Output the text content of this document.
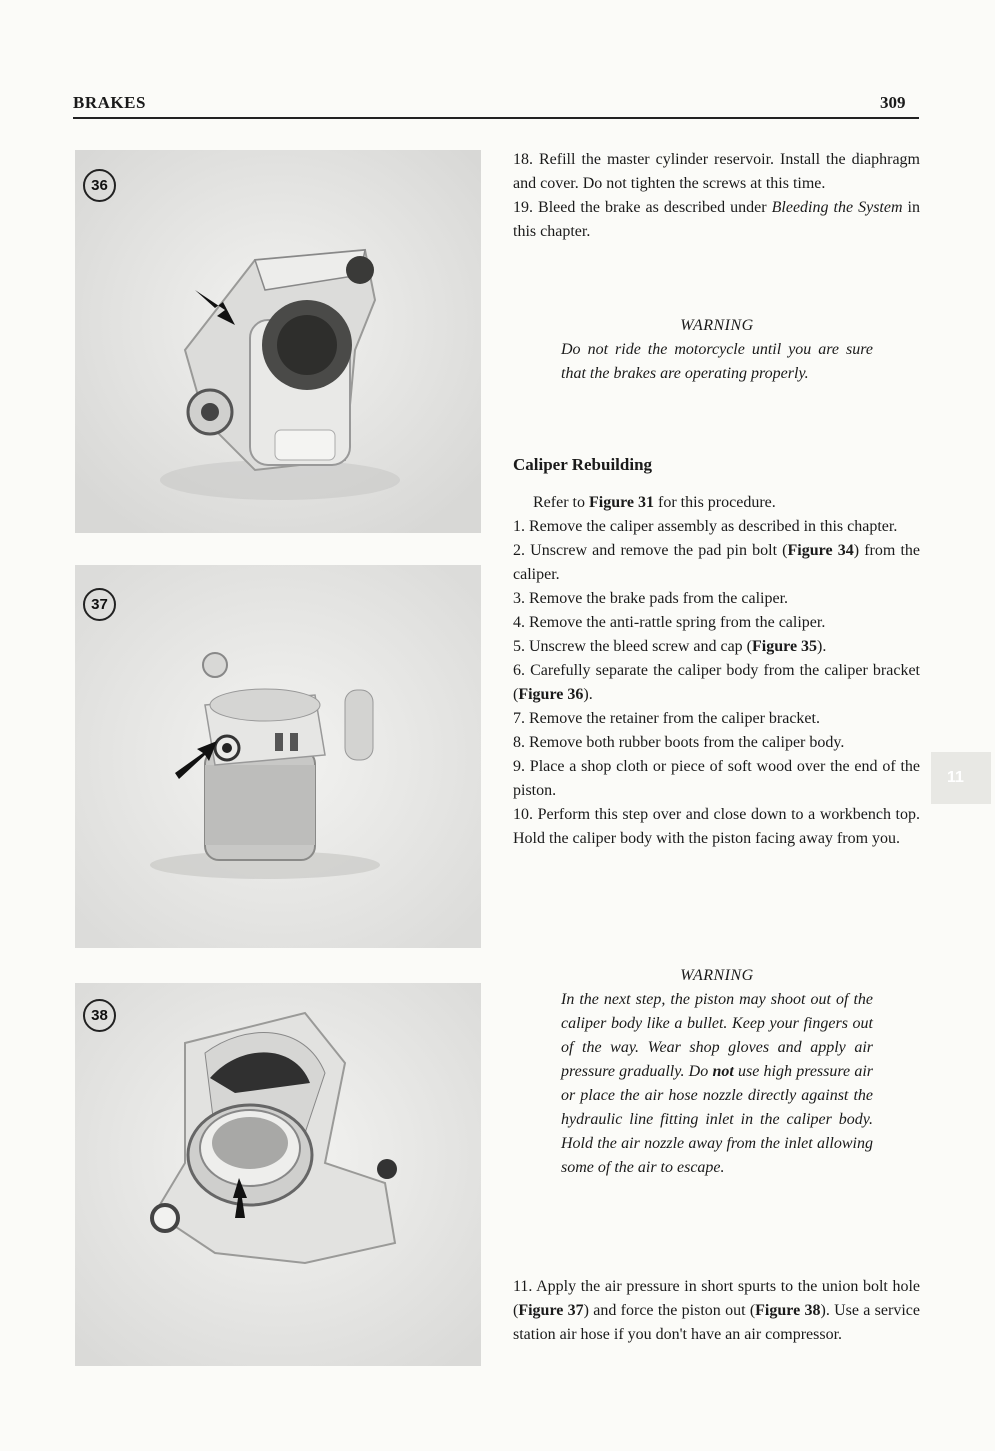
BRAKES	309
36
37
38

18. Refill the master cylinder reservoir. Install the diaphragm and cover. Do not tighten the screws at this time.

19. Bleed the brake as described under Bleeding the System in this chapter.

WARNING

Do not ride the motorcycle until you are sure that the brakes are operating properly.

Caliper Rebuilding

Refer to Figure 31 for this procedure.

1. Remove the caliper assembly as described in this chapter.

2. Unscrew and remove the pad pin bolt (Figure 34) from the caliper.

3. Remove the brake pads from the caliper.

4. Remove the anti-rattle spring from the caliper.

5. Unscrew the bleed screw and cap (Figure 35).

6. Carefully separate the caliper body from the caliper bracket (Figure 36).

7. Remove the retainer from the caliper bracket.

8. Remove both rubber boots from the caliper body.

9. Place a shop cloth or piece of soft wood over the end of the piston.

10. Perform this step over and close down to a workbench top. Hold the caliper body with the piston facing away from you.

WARNING

In the next step, the piston may shoot out of the caliper body like a bullet. Keep your fingers out of the way. Wear shop gloves and apply air pressure gradually. Do not use high pressure air or place the air hose nozzle directly against the hydraulic line fitting inlet in the caliper body. Hold the air nozzle away from the inlet allowing some of the air to escape.

11. Apply the air pressure in short spurts to the union bolt hole (Figure 37) and force the piston out (Figure 38). Use a service station air hose if you don't have an air compressor.

11
